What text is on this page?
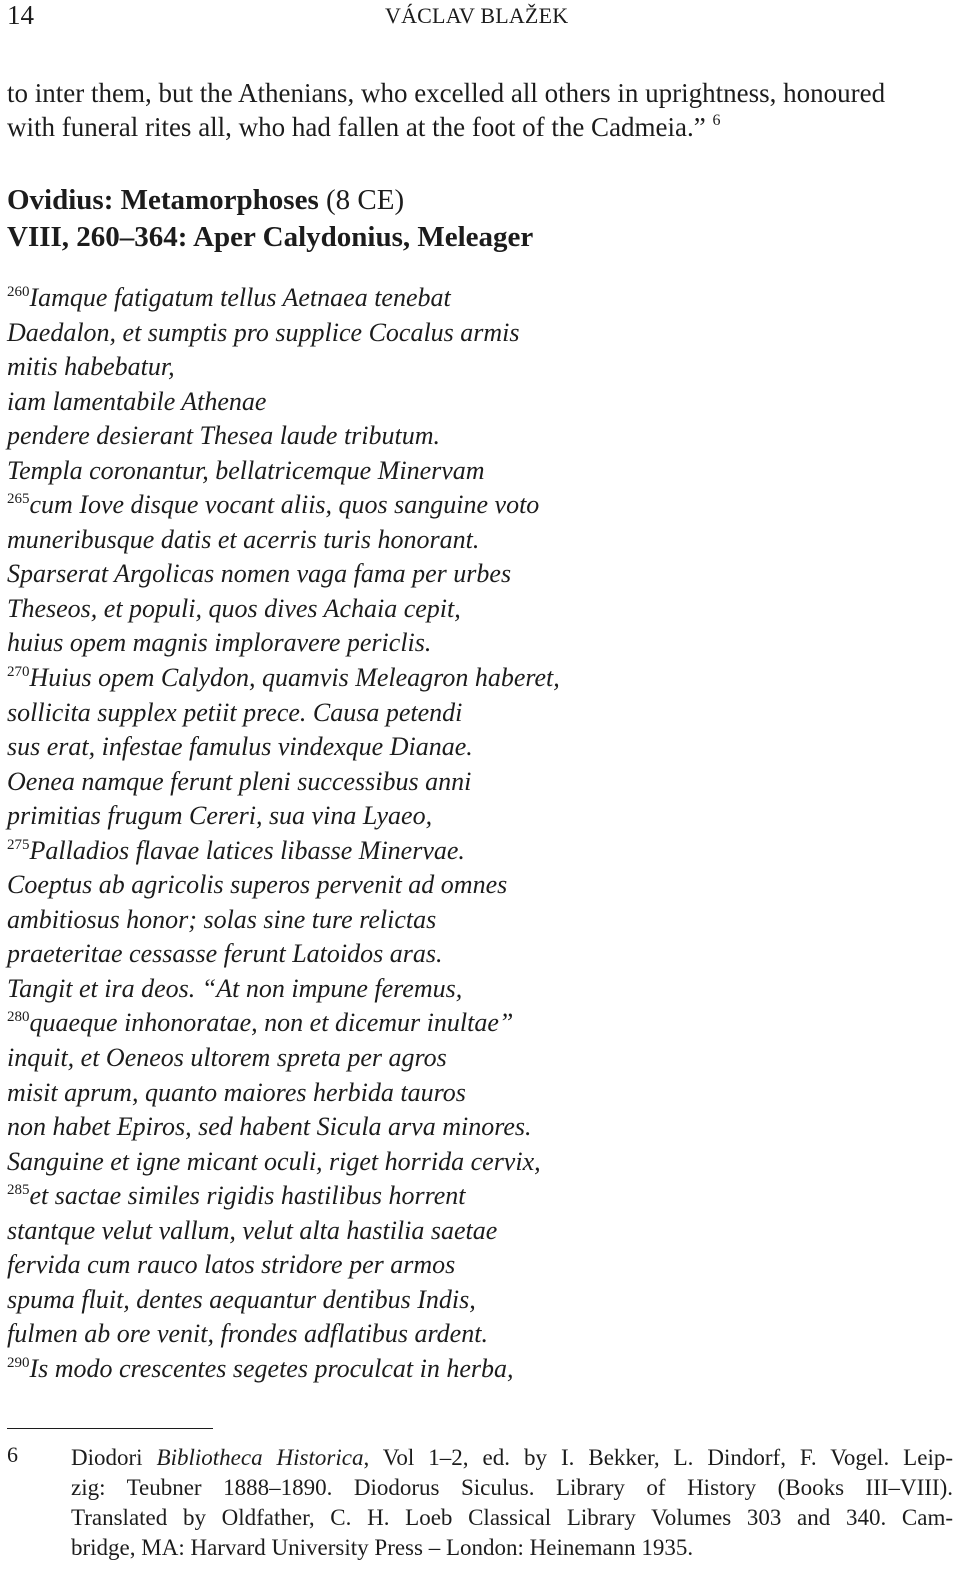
14	VÁCLAV BLAŽEK

to inter them, but the Athenians, who excelled all others in uprightness, honoured

with funeral rites all, who had fallen at the foot of the Cadmeia.” $^6$

Ovidius: Metamorphoses (8 CE)
VIII, 260–364: Aper Calydonius, Meleager
$^{260}$Iamque fatigatum tellus Aetnaea tenebat
Daedalon, et sumptis pro supplice Cocalus armis
mitis habebatur,
iam lamentabile Athenae
pendere desierant Thesea laude tributum.
Templa coronantur, bellatricemque Minervam
$^{265}$cum Iove disque vocant aliis, quos sanguine voto
muneribusque datis et acerris turis honorant.
Sparserat Argolicas nomen vaga fama per urbes
Theseos, et populi, quos dives Achaia cepit,
huius opem magnis imploravere periclis.
$^{270}$Huius opem Calydon, quamvis Meleagron haberet,
sollicita supplex petiit prece. Causa petendi
sus erat, infestae famulus vindexque Dianae.
Oenea namque ferunt pleni successibus anni
primitias frugum Cereri, sua vina Lyaeo,
$^{275}$Palladios flavae latices libasse Minervae.
Coeptus ab agricolis superos pervenit ad omnes
ambitiosus honor; solas sine ture relictas
praeteritae cessasse ferunt Latoidos aras.
Tangit et ira deos. “At non impune feremus,
$^{280}$quaeque inhonoratae, non et dicemur inultae”
inquit, et Oeneos ultorem spreta per agros
misit aprum, quanto maiores herbida tauros
non habet Epiros, sed habent Sicula arva minores.
Sanguine et igne micant oculi, riget horrida cervix,
$^{285}$et sactae similes rigidis hastilibus horrent
stantque velut vallum, velut alta hastilia saetae
fervida cum rauco latos stridore per armos
spuma fluit, dentes aequantur dentibus Indis,
fulmen ab ore venit, frondes adflatibus ardent.
$^{290}$Is modo crescentes segetes proculcat in herba,
6 Diodori Bibliotheca Historica, Vol 1–2, ed. by I. Bekker, L. Dindorf, F. Vogel. Leip-
zig: Teubner 1888–1890. Diodorus Siculus. Library of History (Books III–VIII).
Translated by Oldfather, C. H. Loeb Classical Library Volumes 303 and 340. Cam-
bridge, MA: Harvard University Press – London: Heinemann 1935.
